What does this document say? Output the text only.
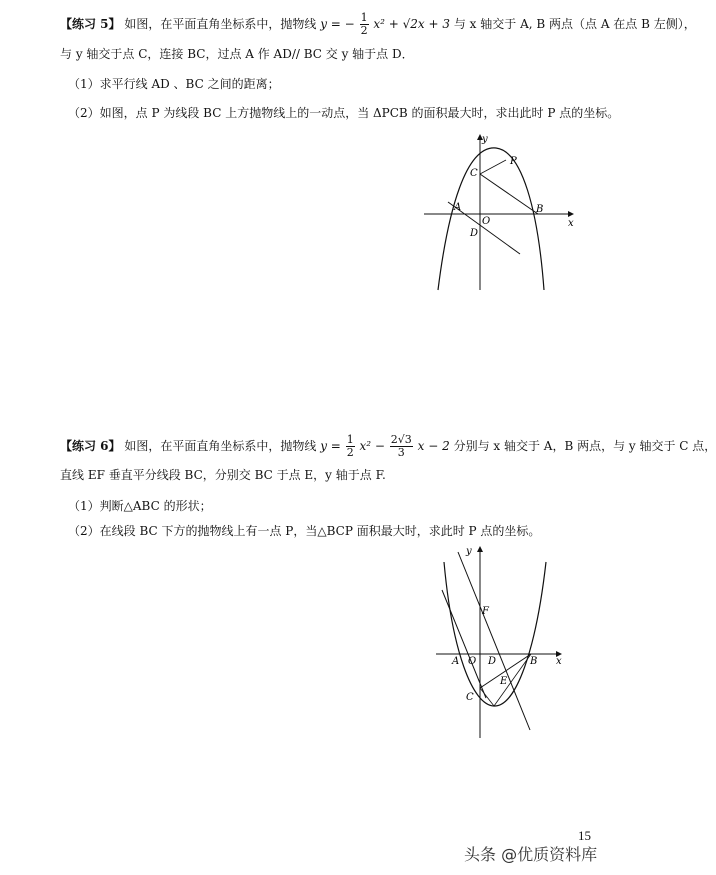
【练习 5】 如图，在平面直角坐标系中，抛物线 y = − $\frac{1}{2} x^2 + √2x + 3$ 与 x 轴交于 A, B 两点（点 A 在点 B 左侧），
与 y 轴交于点 C，连接 BC，过点 A 作 AD// BC 交 y 轴于点 D．
（1）求平行线 AD 、BC 之间的距离；
（2）如图，点 P 为线段 BC 上方抛物线上的一动点，当 ΔPCB 的面积最大时，求出此时 P 点的坐标。
y
x
P
C
A
O
B
D
【练习 6】 如图，在平面直角坐标系中，抛物线 $y = \frac{1}{2} x^2 - \frac{2√3}{3}$ x − 2 分别与 x 轴交于 A，B 两点，与 y 轴交于 C 点，
直线 EF 垂直平分线段 BC，分别交 BC 于点 E，y 轴于点 F.
（1）判断△ABC 的形状；
（2）在线段 BC 下方的抛物线上有一点 P，当△BCP 面积最大时，求此时 P 点的坐标。
y
x
F
A O D	B
E
C
15
头条 @优质资料库
